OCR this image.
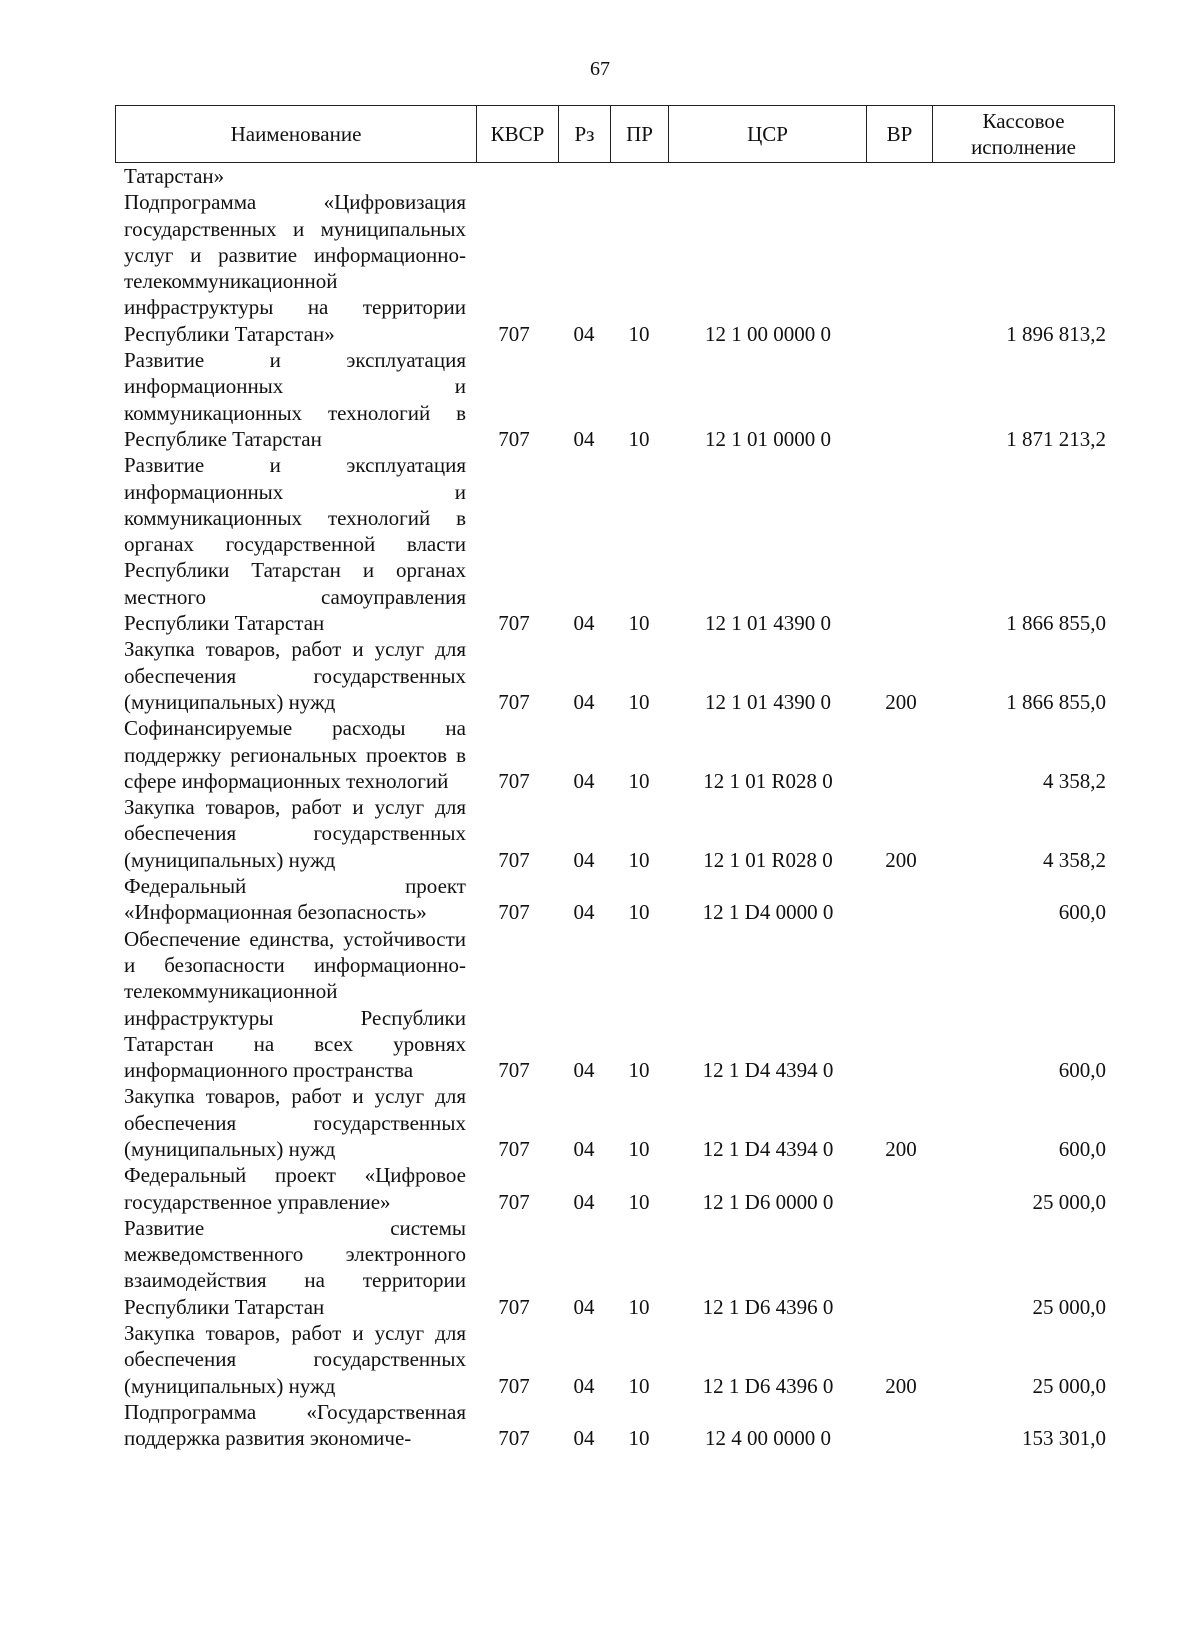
67
Наименование	КВСР	Рз	ПР	ЦСР	ВР	Кассовое исполнение
Татарстан»
Подпрограмма «Цифровизация государственных и муниципальных услуг и развитие информационно-телекоммуникационной инфраструктуры на территории Республики Татарстан»	707	04	10	12 1 00 0000 0	1 896 813,2
Развитие и эксплуатация информационных и коммуникационных технологий в Республике Татарстан	707	04	10	12 1 01 0000 0	1 871 213,2
Развитие и эксплуатация информационных и коммуникационных технологий в органах государственной власти Республики Татарстан и органах местного самоуправления Республики Татарстан	707	04	10	12 1 01 4390 0	1 866 855,0
Закупка товаров, работ и услуг для обеспечения государственных (муниципальных) нужд	707	04	10	12 1 01 4390 0	200	1 866 855,0
Софинансируемые расходы на поддержку региональных проектов в сфере информационных технологий	707	04	10	12 1 01 R028 0	4 358,2
Закупка товаров, работ и услуг для обеспечения государственных (муниципальных) нужд	707	04	10	12 1 01 R028 0	200	4 358,2
Федеральный проект «Информационная безопасность»	707	04	10	12 1 D4 0000 0	600,0
Обеспечение единства, устойчивости и безопасности информационно-телекоммуникационной инфраструктуры Республики Татарстан на всех уровнях информационного пространства	707	04	10	12 1 D4 4394 0	600,0
Закупка товаров, работ и услуг для обеспечения государственных (муниципальных) нужд	707	04	10	12 1 D4 4394 0	200	600,0
Федеральный проект «Цифровое государственное управление»	707	04	10	12 1 D6 0000 0	25 000,0
Развитие системы межведомственного электронного взаимодействия на территории Республики Татарстан	707	04	10	12 1 D6 4396 0	25 000,0
Закупка товаров, работ и услуг для обеспечения государственных (муниципальных) нужд	707	04	10	12 1 D6 4396 0	200	25 000,0
Подпрограмма «Государственная поддержка развития экономиче-	707	04	10	12 4 00 0000 0	153 301,0
